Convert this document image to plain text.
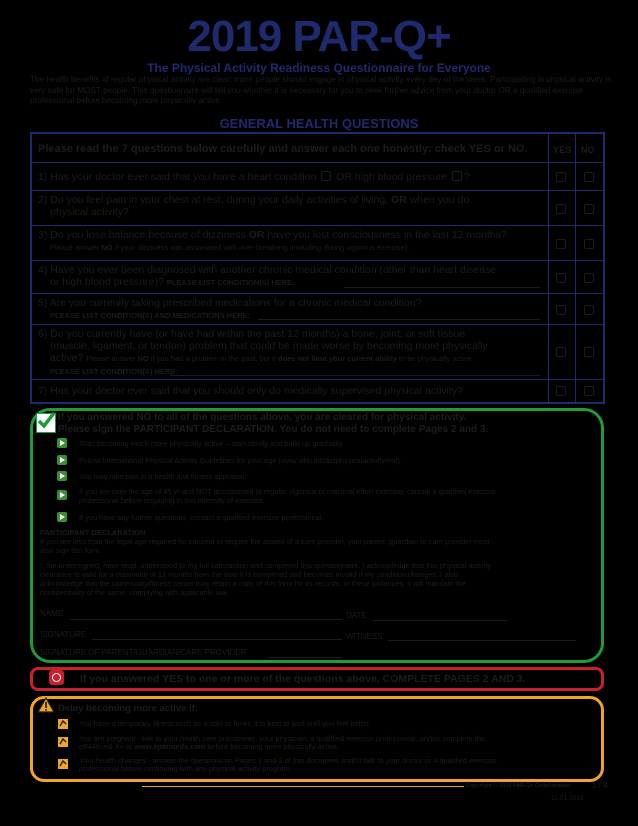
2019 PAR-Q+
The Physical Activity Readiness Questionnaire for Everyone
The health benefits of regular physical activity are clear; more people should engage in physical activity every day of the week. Participating in physical activity is very safe for MOST people. This questionnaire will tell you whether it is necessary for you to seek further advice from your doctor OR a qualified exercise professional before becoming more physically active.
GENERAL HEALTH QUESTIONS
Please read the 7 questions below carefully and answer each one honestly: check YES or NO.	YES NO
1) Has your doctor ever said that you have a heart condition OR high blood pressure ?
2) Do you feel pain in your chest at rest, during your daily activities of living, OR when you do
physical activity?
3) Do you lose balance because of dizziness OR have you lost consciousness in the last 12 months?
Please answer NO if your dizziness was associated with over-breathing (including during vigorous exercise).
4) Have you ever been diagnosed with another chronic medical condition (other than heart disease
or high blood pressure)? PLEASE LIST CONDITION(S) HERE:
5) Are you currently taking prescribed medications for a chronic medical condition?
PLEASE LIST CONDITION(S) AND MEDICATIONS HERE:
6) Do you currently have (or have had within the past 12 months) a bone, joint, or soft tissue
(muscle, ligament, or tendon) problem that could be made worse by becoming more physically
active? Please answer NO if you had a problem in the past, but it does not limit your current ability to be physically active.
PLEASE LIST CONDITION(S) HERE:
7) Has your doctor ever said that you should only do medically supervised physical activity?
If you answered NO to all of the questions above, you are cleared for physical activity.
Please sign the PARTICIPANT DECLARATION. You do not need to complete Pages 2 and 3.
Start becoming much more physically active – start slowly and build up gradually.
Follow International Physical Activity Guidelines for your age (www.who.int/dietphysicalactivity/en/).
You may take part in a health and fitness appraisal.
If you are over the age of 45 yr and NOT accustomed to regular vigorous to maximal effort exercise, consult a qualified exercise
professional before engaging in this intensity of exercise.
If you have any further questions, contact a qualified exercise professional.
PARTICIPANT DECLARATION
If you are less than the legal age required for consent or require the assent of a care provider, your parent, guardian or care provider must
also sign this form.
I, the undersigned, have read, understood to my full satisfaction and completed this questionnaire. I acknowledge that this physical activity
clearance is valid for a maximum of 12 months from the date it is completed and becomes invalid if my condition changes. I also
acknowledge that the community/fitness center may retain a copy of this form for its records. In these instances, it will maintain the
confidentiality of the same, complying with applicable law.
NAME	DATE
SIGNATURE	WITNESS
SIGNATURE OF PARENT/GUARDIAN/CARE PROVIDER
If you answered YES to one or more of the questions above, COMPLETE PAGES 2 AND 3.
Delay becoming more active if:
You have a temporary illness such as a cold or fever; it is best to wait until you feel better.
You are pregnant - talk to your health care practitioner, your physician, a qualified exercise professional, and/or complete the
ePARmed-X+ at www.eparmedx.com before becoming more physically active.
Your health changes - answer the questions on Pages 2 and 3 of this document and/or talk to your doctor or a qualified exercise
professional before continuing with any physical activity program.
Copyright © 2019 PAR-Q+ Collaboration	1 / 4
11-01-2018
